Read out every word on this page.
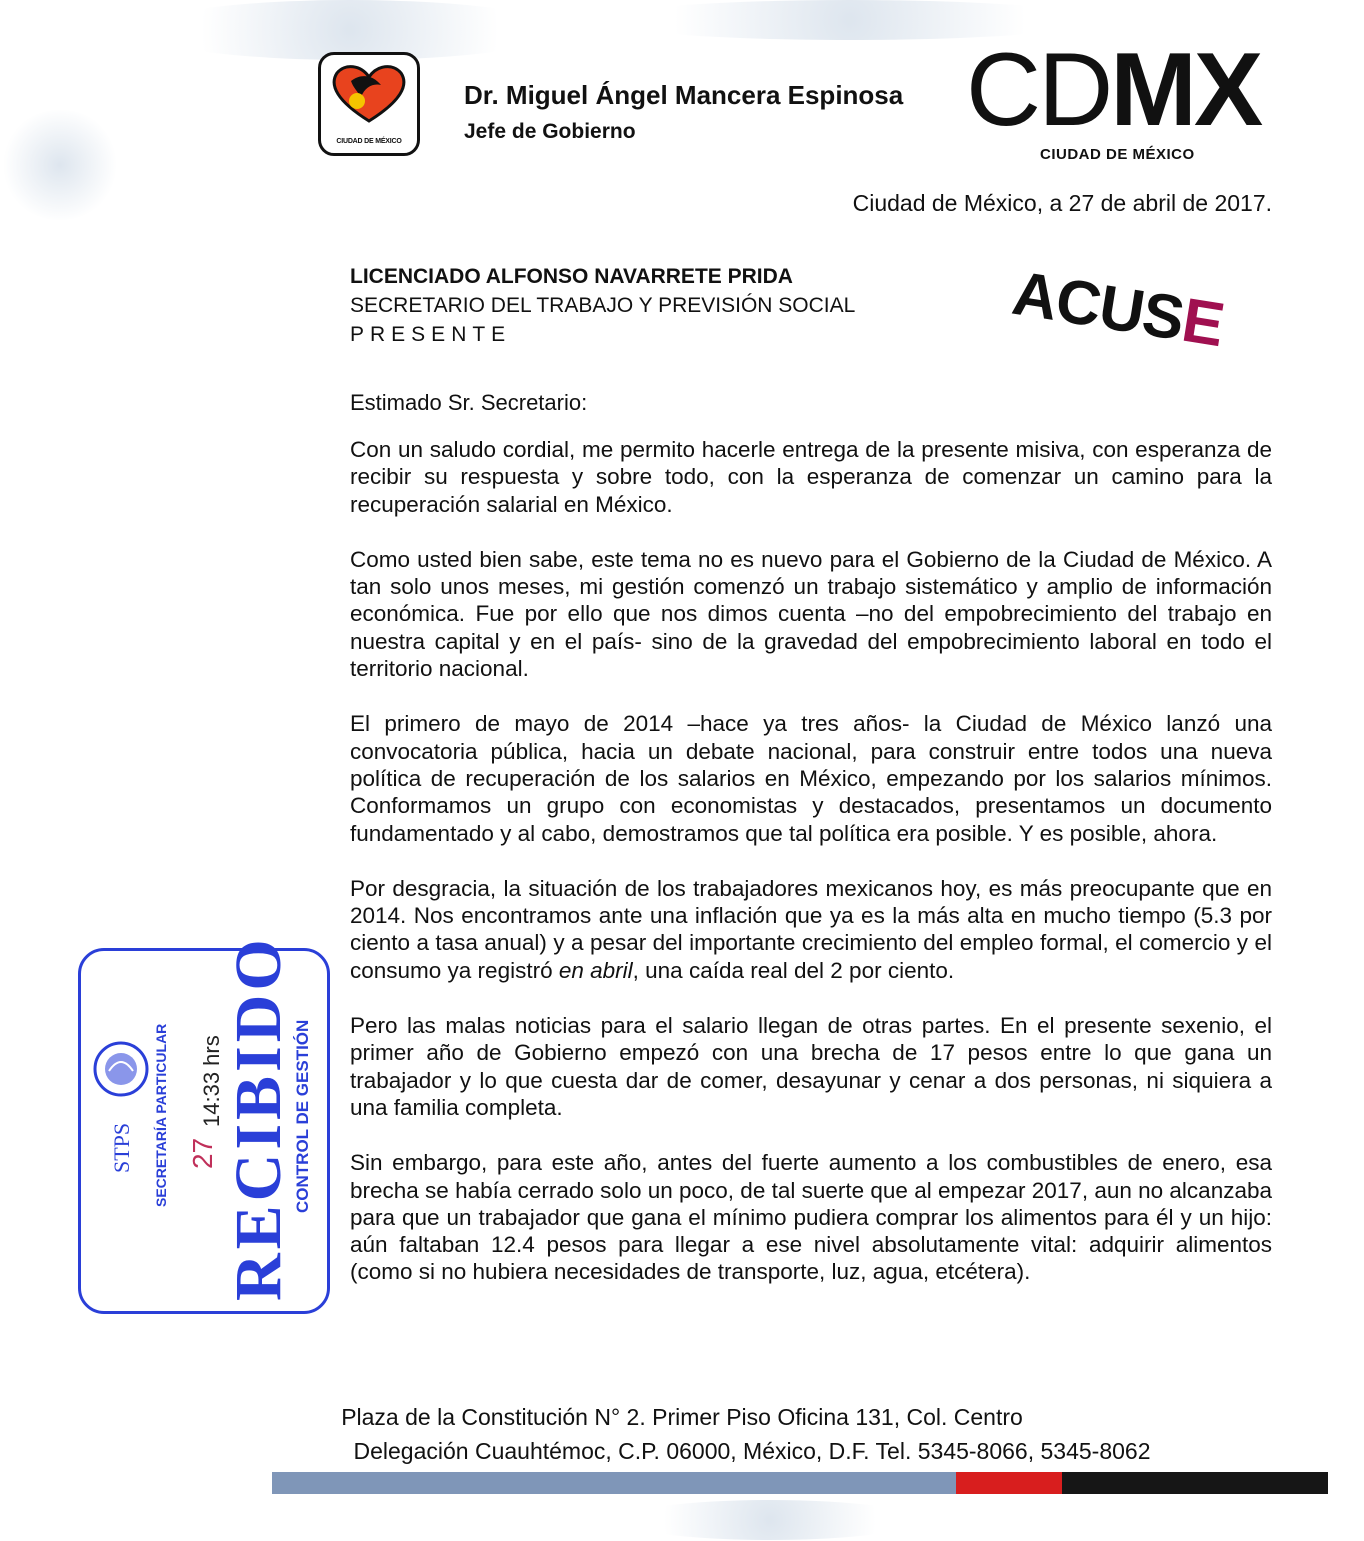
CIUDAD DE MÉXICO
Dr. Miguel Ángel Mancera Espinosa
Jefe de Gobierno	CDMX
CIUDAD DE MÉXICO
Ciudad de México, a 27 de abril de 2017.
LICENCIADO ALFONSO NAVARRETE PRIDA
SECRETARIO DEL TRABAJO Y PREVISIÓN SOCIAL
PRESENTE	ACUSE
Estimado Sr. Secretario:

Con un saludo cordial, me permito hacerle entrega de la presente misiva, con esperanza de recibir su respuesta y sobre todo, con la esperanza de comenzar un camino para la recuperación salarial en México.

Como usted bien sabe, este tema no es nuevo para el Gobierno de la Ciudad de México. A tan solo unos meses, mi gestión comenzó un trabajo sistemático y amplio de información económica. Fue por ello que nos dimos cuenta –no del empobrecimiento del trabajo en nuestra capital y en el país- sino de la gravedad del empobrecimiento laboral en todo el territorio nacional.

El primero de mayo de 2014 –hace ya tres años- la Ciudad de México lanzó una convocatoria pública, hacia un debate nacional, para construir entre todos una nueva política de recuperación de los salarios en México, empezando por los salarios mínimos. Conformamos un grupo con economistas y destacados, presentamos un documento fundamentado y al cabo, demostramos que tal política era posible. Y es posible, ahora.

Por desgracia, la situación de los trabajadores mexicanos hoy, es más preocupante que en 2014. Nos encontramos ante una inflación que ya es la más alta en mucho tiempo (5.3 por ciento a tasa anual) y a pesar del importante crecimiento del empleo formal, el comercio y el consumo ya registró en abril, una caída real del 2 por ciento.

Pero las malas noticias para el salario llegan de otras partes. En el presente sexenio, el primer año de Gobierno empezó con una brecha de 17 pesos entre lo que gana un trabajador y lo que cuesta dar de comer, desayunar y cenar a dos personas, ni siquiera a una familia completa.

Sin embargo, para este año, antes del fuerte aumento a los combustibles de enero, esa brecha se había cerrado solo un poco, de tal suerte que al empezar 2017, aun no alcanzaba para que un trabajador que gana el mínimo pudiera comprar los alimentos para él y un hijo: aún faltaban 12.4 pesos para llegar a ese nivel absolutamente vital: adquirir alimentos (como si no hubiera necesidades de transporte, luz, agua, etcétera).

STPS SECRETARÍA PARTICULAR RECIBIDO
27
14:33 hrs	CONTROL DE GESTIÓN
Plaza de la Constitución N° 2. Primer Piso Oficina 131, Col. Centro
Delegación Cuauhtémoc, C.P. 06000, México, D.F. Tel. 5345-8066, 5345-8062
